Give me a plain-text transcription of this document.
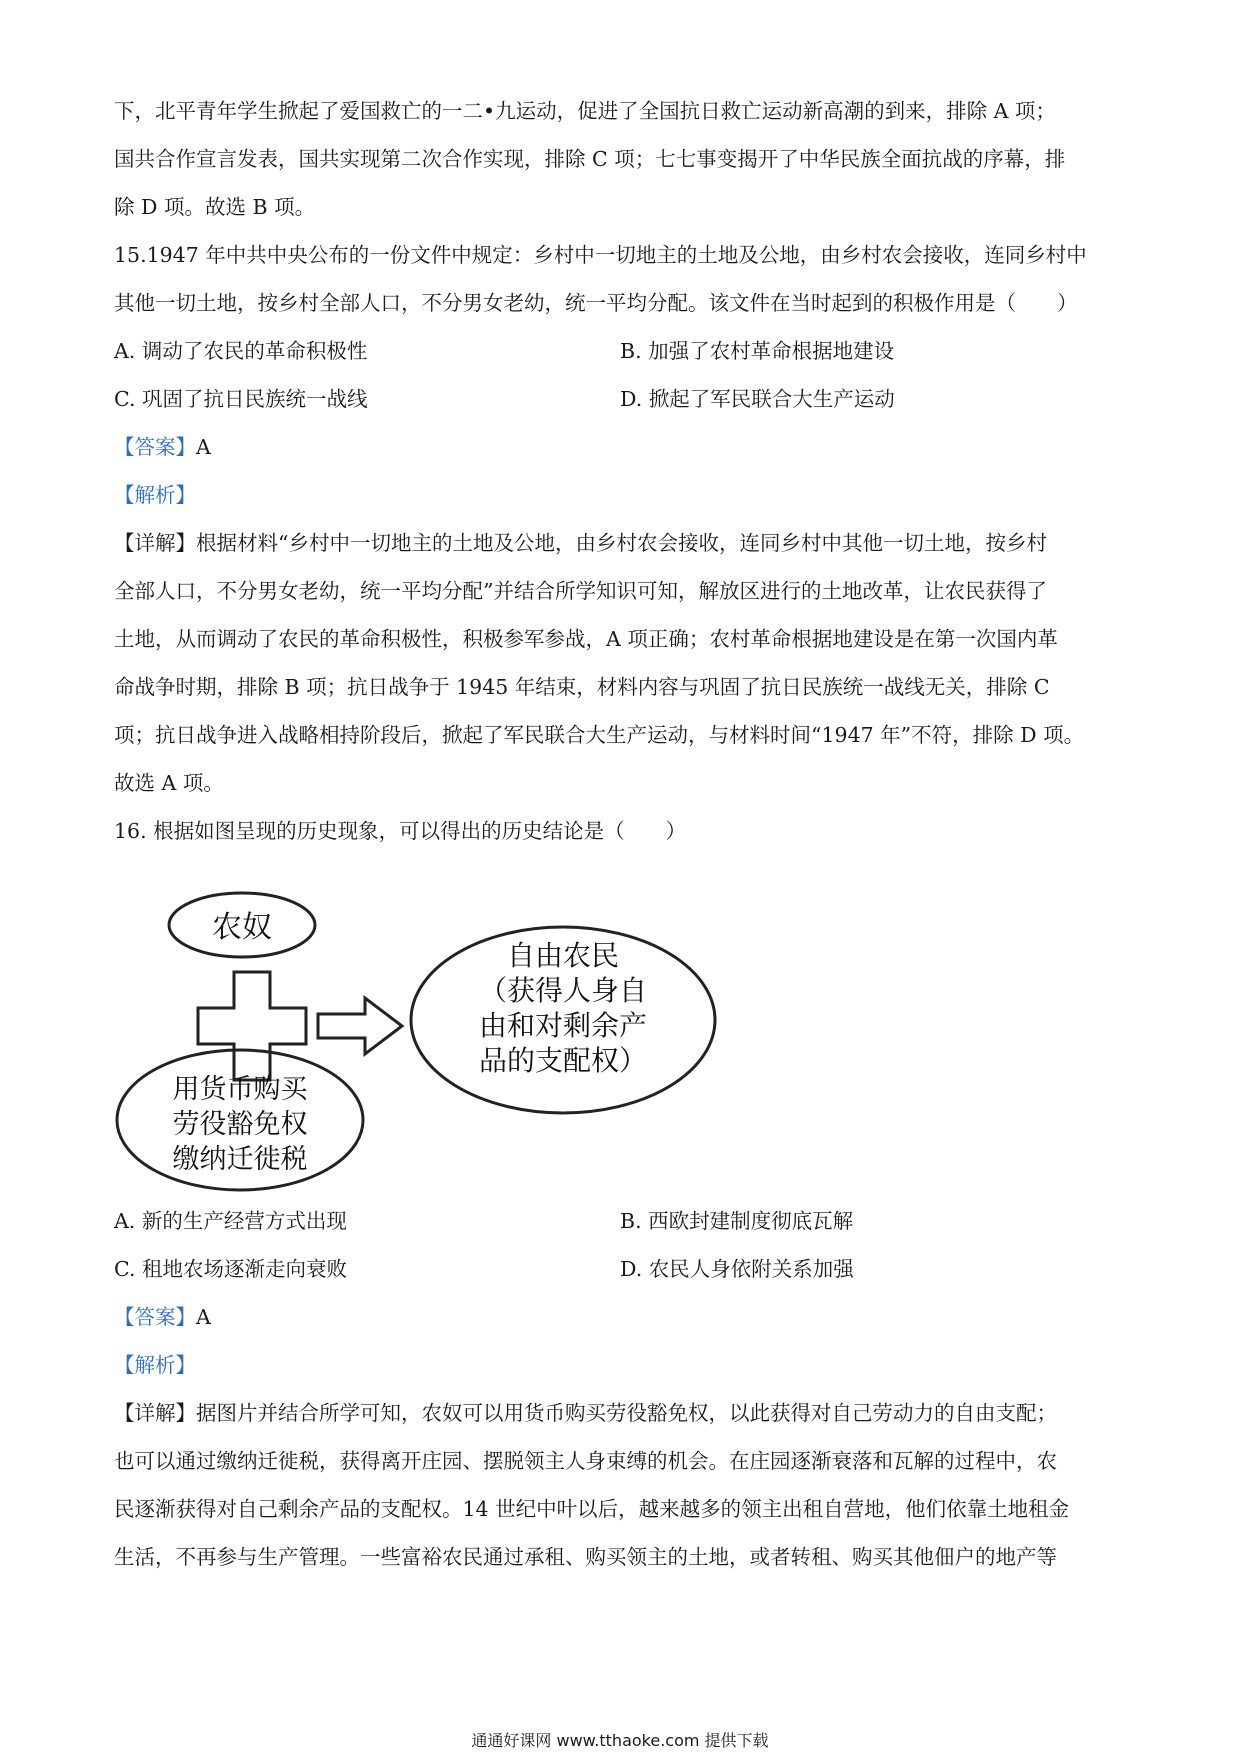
下，北平青年学生掀起了爱国救亡的一二•九运动，促进了全国抗日救亡运动新高潮的到来，排除 A 项；
国共合作宣言发表，国共实现第二次合作实现，排除 C 项；七七事变揭开了中华民族全面抗战的序幕，排
除 D 项。故选 B 项。
15.1947 年中共中央公布的一份文件中规定：乡村中一切地主的土地及公地，由乡村农会接收，连同乡村中
其他一切土地，按乡村全部人口，不分男女老幼，统一平均分配。该文件在当时起到的积极作用是（　　）
A. 调动了农民的革命积极性	B. 加强了农村革命根据地建设
C. 巩固了抗日民族统一战线	D. 掀起了军民联合大生产运动
【答案】A
【解析】
【详解】根据材料“乡村中一切地主的土地及公地，由乡村农会接收，连同乡村中其他一切土地，按乡村
全部人口，不分男女老幼，统一平均分配”并结合所学知识可知，解放区进行的土地改革，让农民获得了
土地，从而调动了农民的革命积极性，积极参军参战，A 项正确；农村革命根据地建设是在第一次国内革
命战争时期，排除 B 项；抗日战争于 1945 年结束，材料内容与巩固了抗日民族统一战线无关，排除 C
项；抗日战争进入战略相持阶段后，掀起了军民联合大生产运动，与材料时间“1947 年”不符，排除 D 项。
故选 A 项。
16. 根据如图呈现的历史现象，可以得出的历史结论是（　　）
农奴
用货币购买
劳役豁免权
缴纳迁徙税
自由农民
（获得人身自
由和对剩余产
品的支配权）
A. 新的生产经营方式出现	B. 西欧封建制度彻底瓦解
C. 租地农场逐渐走向衰败	D. 农民人身依附关系加强
【答案】A
【解析】
【详解】据图片并结合所学可知，农奴可以用货币购买劳役豁免权，以此获得对自己劳动力的自由支配；
也可以通过缴纳迁徙税，获得离开庄园、摆脱领主人身束缚的机会。在庄园逐渐衰落和瓦解的过程中，农
民逐渐获得对自己剩余产品的支配权。14 世纪中叶以后，越来越多的领主出租自营地，他们依靠土地租金
生活，不再参与生产管理。一些富裕农民通过承租、购买领主的土地，或者转租、购买其他佃户的地产等
通通好课网 www.tthaoke.com 提供下载
